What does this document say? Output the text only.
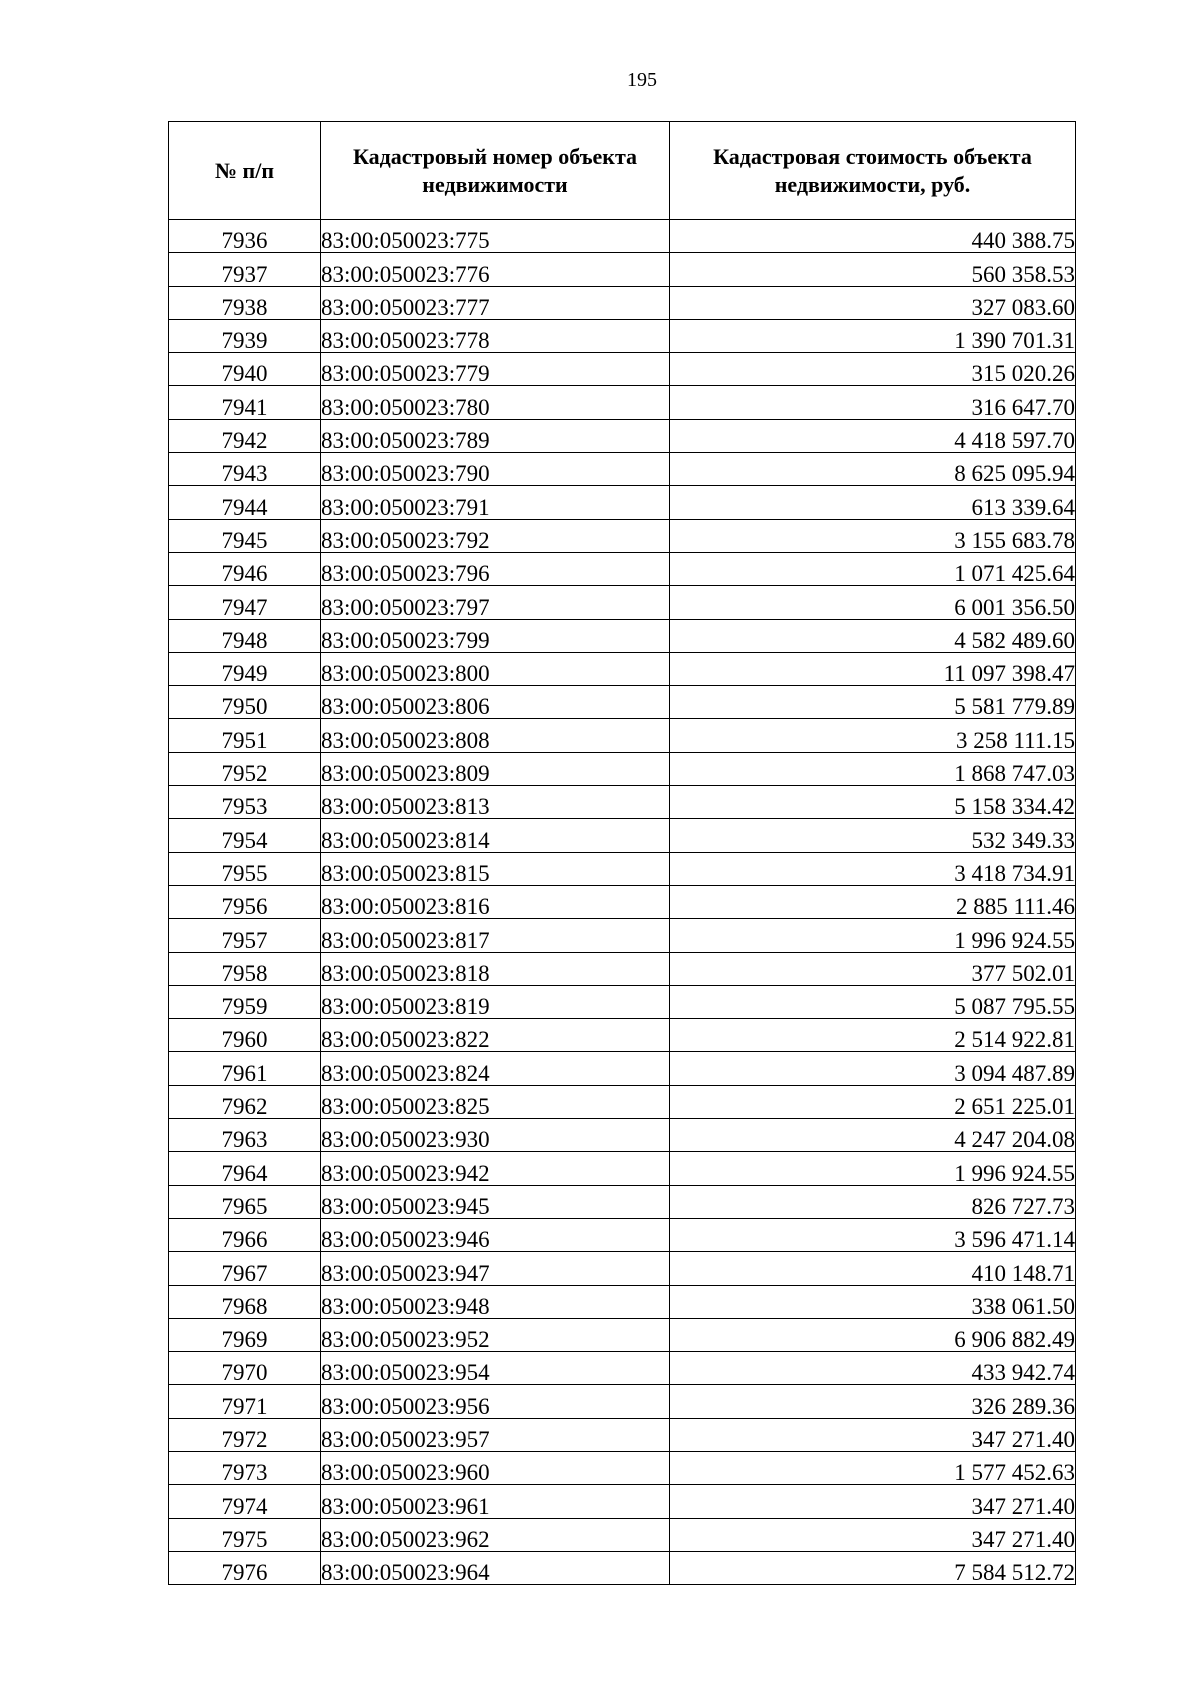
195
№ п/п	Кадастровый номер объекта недвижимости	Кадастровая стоимость объекта недвижимости, руб.
7936	83:00:050023:775	440 388.75
7937	83:00:050023:776	560 358.53
7938	83:00:050023:777	327 083.60
7939	83:00:050023:778	1 390 701.31
7940	83:00:050023:779	315 020.26
7941	83:00:050023:780	316 647.70
7942	83:00:050023:789	4 418 597.70
7943	83:00:050023:790	8 625 095.94
7944	83:00:050023:791	613 339.64
7945	83:00:050023:792	3 155 683.78
7946	83:00:050023:796	1 071 425.64
7947	83:00:050023:797	6 001 356.50
7948	83:00:050023:799	4 582 489.60
7949	83:00:050023:800	11 097 398.47
7950	83:00:050023:806	5 581 779.89
7951	83:00:050023:808	3 258 111.15
7952	83:00:050023:809	1 868 747.03
7953	83:00:050023:813	5 158 334.42
7954	83:00:050023:814	532 349.33
7955	83:00:050023:815	3 418 734.91
7956	83:00:050023:816	2 885 111.46
7957	83:00:050023:817	1 996 924.55
7958	83:00:050023:818	377 502.01
7959	83:00:050023:819	5 087 795.55
7960	83:00:050023:822	2 514 922.81
7961	83:00:050023:824	3 094 487.89
7962	83:00:050023:825	2 651 225.01
7963	83:00:050023:930	4 247 204.08
7964	83:00:050023:942	1 996 924.55
7965	83:00:050023:945	826 727.73
7966	83:00:050023:946	3 596 471.14
7967	83:00:050023:947	410 148.71
7968	83:00:050023:948	338 061.50
7969	83:00:050023:952	6 906 882.49
7970	83:00:050023:954	433 942.74
7971	83:00:050023:956	326 289.36
7972	83:00:050023:957	347 271.40
7973	83:00:050023:960	1 577 452.63
7974	83:00:050023:961	347 271.40
7975	83:00:050023:962	347 271.40
7976	83:00:050023:964	7 584 512.72
